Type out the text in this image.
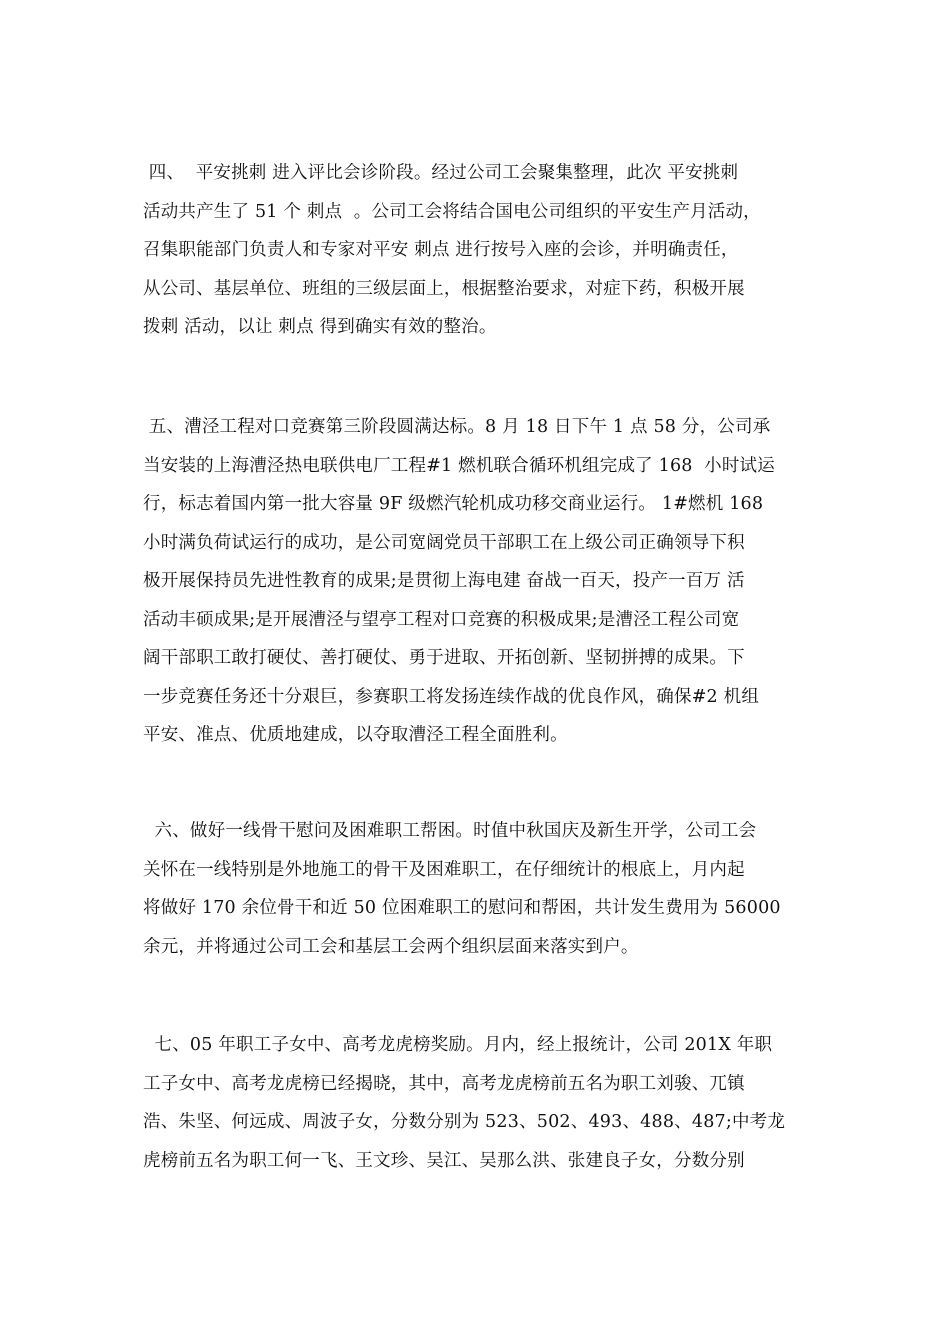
四、  平安挑刺 进入评比会诊阶段。经过公司工会聚集整理，此次 平安挑刺
活动共产生了 51 个 刺点  。公司工会将结合国电公司组织的平安生产月活动，
召集职能部门负责人和专家对平安 刺点 进行按号入座的会诊，并明确责任，
从公司、基层单位、班组的三级层面上，根据整治要求，对症下药，积极开展
拨刺 活动，以让 刺点 得到确实有效的整治。
五、漕泾工程对口竞赛第三阶段圆满达标。8 月 18 日下午 1 点 58 分，公司承
当安装的上海漕泾热电联供电厂工程#1 燃机联合循环机组完成了 168  小时试运
行，标志着国内第一批大容量 9F 级燃汽轮机成功移交商业运行。 1#燃机 168
小时满负荷试运行的成功，是公司宽阔党员干部职工在上级公司正确领导下积
极开展保持员先进性教育的成果;是贯彻上海电建 奋战一百天，投产一百万 活
活动丰硕成果;是开展漕泾与望亭工程对口竞赛的积极成果;是漕泾工程公司宽
阔干部职工敢打硬仗、善打硬仗、勇于进取、开拓创新、坚韧拼搏的成果。下
一步竞赛任务还十分艰巨，参赛职工将发扬连续作战的优良作风，确保#2 机组
平安、准点、优质地建成，以夺取漕泾工程全面胜利。
六、做好一线骨干慰问及困难职工帮困。时值中秋国庆及新生开学，公司工会
关怀在一线特别是外地施工的骨干及困难职工，在仔细统计的根底上，月内起
将做好 170 余位骨干和近 50 位困难职工的慰问和帮困，共计发生费用为 56000
余元，并将通过公司工会和基层工会两个组织层面来落实到户。
七、05 年职工子女中、高考龙虎榜奖励。月内，经上报统计，公司 201X 年职
工子女中、高考龙虎榜已经揭晓，其中，高考龙虎榜前五名为职工刘骏、兀镇
浩、朱坚、何远成、周波子女，分数分别为 523、502、493、488、487;中考龙
虎榜前五名为职工何一飞、王文珍、吴江、吴那么洪、张建良子女，分数分别
